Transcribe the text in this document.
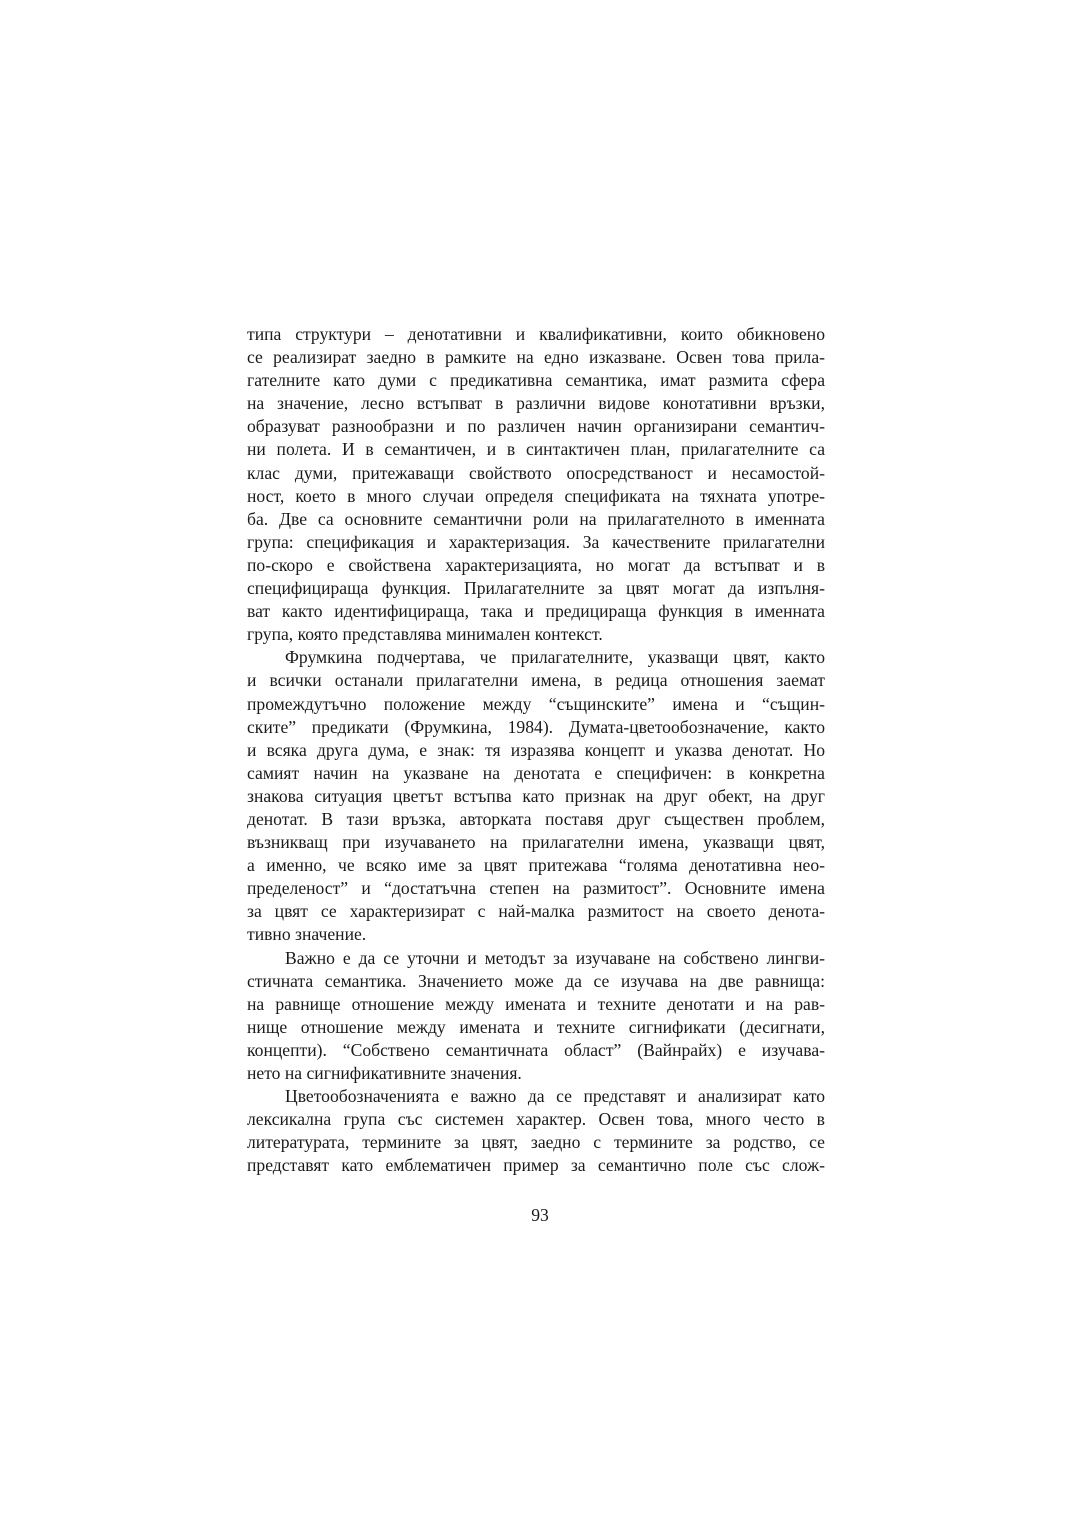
типа структури – денотативни и квалификативни, които обикновено
се реализират заедно в рамките на едно изказване. Освен това прила-
гателните като думи с предикативна семантика, имат размита сфера
на значение, лесно встъпват в различни видове конотативни връзки,
образуват разнообразни и по различен начин организирани семантич-
ни полета. И в семантичен, и в синтактичен план, прилагателните са
клас думи, притежаващи свойството опосредстваност и несамостой-
ност, което в много случаи определя спецификата на тяхната употре-
ба. Две са основните семантични роли на прилагателното в именната
група: спецификация и характеризация. За качествените прилагателни
по-скоро е свойствена характеризацията, но могат да встъпват и в
специфицираща функция. Прилагателните за цвят могат да изпълня-
ват както идентифицираща, така и предицираща функция в именната
група, която представлява минимален контекст.
Фрумкина подчертава, че прилагателните, указващи цвят, както
и всички останали прилагателни имена, в редица отношения заемат
промеждутъчно положение между “същинските” имена и “същин-
ските” предикати (Фрумкина, 1984). Думата-цветообозначение, както
и всяка друга дума, е знак: тя изразява концепт и указва денотат. Но
самият начин на указване на денотата е специфичен: в конкретна
знакова ситуация цветът встъпва като признак на друг обект, на друг
денотат. В тази връзка, авторката поставя друг съществен проблем,
възникващ при изучаването на прилагателни имена, указващи цвят,
а именно, че всяко име за цвят притежава “голяма денотативна нео-
пределеност” и “достатъчна степен на размитост”. Основните имена
за цвят се характеризират с най-малка размитост на своето денота-
тивно значение.
Важно е да се уточни и методът за изучаване на собствено лингви-
стичната семантика. Значението може да се изучава на две равнища:
на равнище отношение между имената и техните денотати и на рав-
нище отношение между имената и техните сигнификати (десигнати,
концепти). “Собствено семантичната област” (Вайнрайх) е изучава-
нето на сигнификативните значения.
Цветообозначенията е важно да се представят и анализират като
лексикална група със системен характер. Освен това, много често в
литературата, термините за цвят, заедно с термините за родство, се
представят като емблематичен пример за семантично поле със слож-
93
